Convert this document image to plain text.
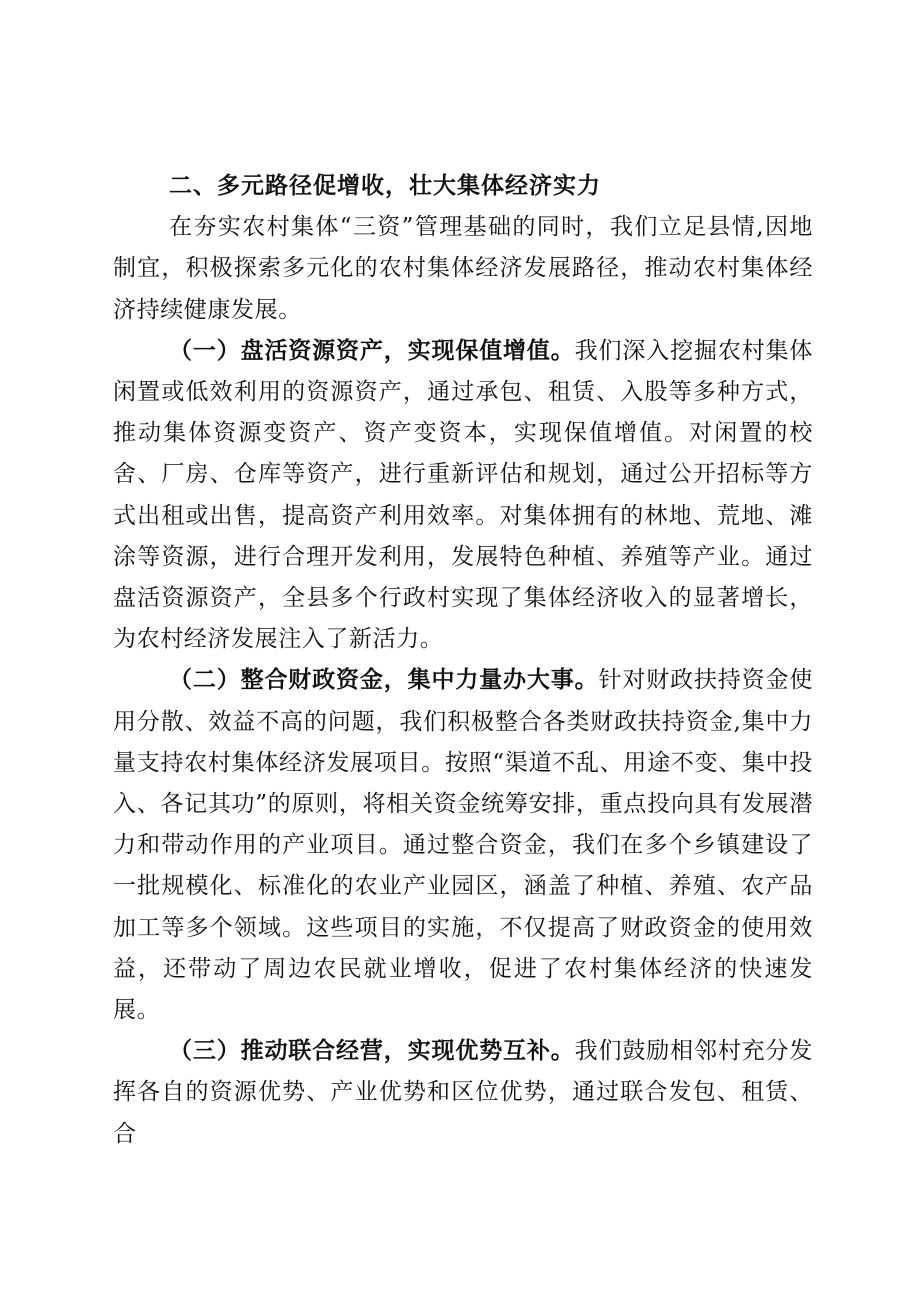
二、多元路径促增收，壮大集体经济实力

在夯实农村集体“三资”管理基础的同时，我们立足县情,因地制宜，积极探索多元化的农村集体经济发展路径，推动农村集体经济持续健康发展。

（一）盘活资源资产，实现保值增值。我们深入挖掘农村集体闲置或低效利用的资源资产，通过承包、租赁、入股等多种方式，推动集体资源变资产、资产变资本，实现保值增值。对闲置的校舍、厂房、仓库等资产，进行重新评估和规划，通过公开招标等方式出租或出售，提高资产利用效率。对集体拥有的林地、荒地、滩涂等资源，进行合理开发利用，发展特色种植、养殖等产业。通过盘活资源资产，全县多个行政村实现了集体经济收入的显著增长，为农村经济发展注入了新活力。

（二）整合财政资金，集中力量办大事。针对财政扶持资金使用分散、效益不高的问题，我们积极整合各类财政扶持资金,集中力量支持农村集体经济发展项目。按照“渠道不乱、用途不变、集中投入、各记其功”的原则，将相关资金统筹安排，重点投向具有发展潜力和带动作用的产业项目。通过整合资金，我们在多个乡镇建设了一批规模化、标准化的农业产业园区，涵盖了种植、养殖、农产品加工等多个领域。这些项目的实施，不仅提高了财政资金的使用效益，还带动了周边农民就业增收，促进了农村集体经济的快速发展。

（三）推动联合经营，实现优势互补。我们鼓励相邻村充分发挥各自的资源优势、产业优势和区位优势，通过联合发包、租赁、合
